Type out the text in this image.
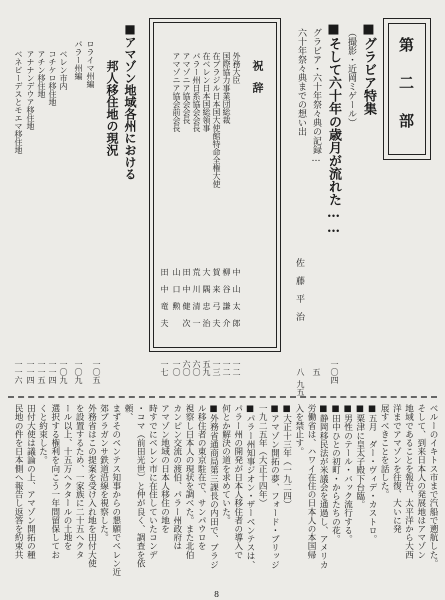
第　二　部
■グラビア特集
（撮影・近岡ミゲール）
■そして六十年の歳月が流れた……
一〇四
グラビア・六十年祭々典の記録…
五
六十年祭々典までの想い出
佐　藤　平　治
八
九五
祝　辞
外務大臣
国際協力事業団総裁
在ブラジル日本国大使館特命全権大使
在ベレン日本国総領事
パラー州日系協会会長
アマゾニア協会会長
アマゾニア協会前会長
中 山 太 郎
柳 谷 謙 介
賀 来 弓 夫
大 隅 忠 治
荒 川 清 一
田 中 健 次
山 口 勲
田 中 竜 夫
一二
一二
一三
五九
六〇
六〇
一〇
一七
■アマゾン地域各州における
邦人移住地の現況
ロライマ州編
パラー州編
ベレン市内
コチケロ移住地
アチン移住地
アナナンデウア移住地
ベネビーデスとモエマ移住地
一〇五
一〇九
一〇九
一一四
一一五
一一四
一一六
ベルーのイキトス市まで汽船で遡航した。
そして、到来日本人の発展地はアマゾン
地域であることを報告、太平洋から大西
洋までアマゾンを往復、大いに発
展すべきことを話した。
■五月　ダー・ヴィデ・カストロ。
■粟津に皇太子殿下台臨。
■男性のテール・バック流行する。
■田中ひとの初町・からたちの花。
■静岡移民法が米議会を通過し、アメリカ
労働省は、ハワイ在住の日本人の本国帰
入を禁止す。
■大正十三年（一九二四）
■アマゾン開拓の夢、フォード・ブリッジ
一九二五年（大正十四年）
■パラー州知事ジオン・ザーベンテスは、
パラー州の開発が日本人移住者の導入で
何とか解決の道を求めていた。
■外務省通商局第三課長の内田で、ブラジ
ル移住者の東京駐在で、サンパウロを
視察し日本人の現状を調べた。また北伯
カンピン交流の渡伯、パラー州政府は
アマゾン地域の日本人移住の地を
時すでにベレン市に在住していたコンデ
・コマ（前田光世）と仲が良く、調査を依
頼、
まずそのベンテス知事からの懇願でベレン近
郊ブラガンサ鉄道沿線を視察した。
外務省はこの提案を受け入れ地を田付大使
を設置するため、一家族に二十五ヘクタ
ール以上、十五万ヘクタールの土地を
選択する権利を向こう一年間留保してお
くと約束した。
田付大使は議論の上、アマゾン開拓の種
民地の件を日本側へ報告し返答を約束共
8
